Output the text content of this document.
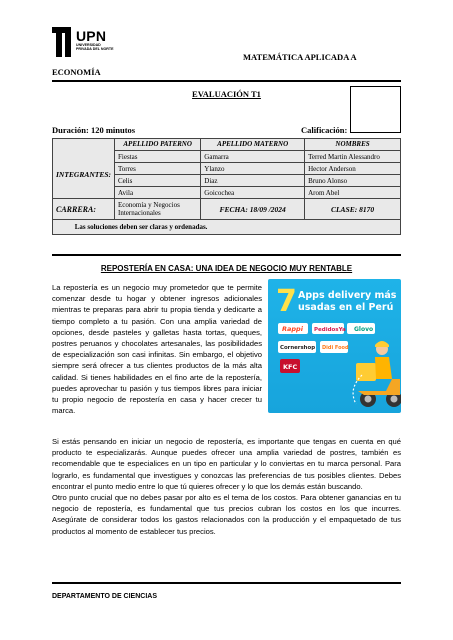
UPN
UNIVERSIDAD PRIVADA DEL NORTE
MATEMÁTICA APLICADA A
ECONOMÍA
EVALUACIÓN T1
Duración: 120 minutos	Calificación:
	APELLIDO PATERNO	APELLIDO MATERNO	NOMBRES
INTEGRANTES:	Fiestas	Gamarra	Terred Martin Alessandro
	Torres	Ylanzo	Hector Anderson
	Celis	Diaz	Bruno Alonso
	Avila	Goicochea	Arom Abel
CARRERA:	Economía y Negocios Internacionales	FECHA: 18/09 /2024	CLASE: 8170
Las soluciones deben ser claras y ordenadas.			
REPOSTERÍA EN CASA: UNA IDEA DE NEGOCIO MUY RENTABLE
La repostería es un negocio muy prometedor que te permite comenzar desde tu hogar y obtener ingresos adicionales mientras te preparas para abrir tu propia tienda y dedicarte a tiempo completo a tu pasión. Con una amplia variedad de opciones, desde pasteles y galletas hasta tortas, queques, postres peruanos y chocolates artesanales, las posibilidades de especialización son casi infinitas. Sin embargo, el objetivo siempre será ofrecer a tus clientes productos de la más alta calidad. Si tienes habilidades en el fino arte de la repostería, puedes aprovechar tu pasión y tus tiempos libres para iniciar tu propio negocio de repostería en casa y hacer crecer tu marca.
7 Apps delivery más
usadas en el Perú
Rappi PedidosYa Glovo
Cornershop Didi Food
KFC
Si estás pensando en iniciar un negocio de repostería, es importante que tengas en cuenta en qué producto te especializarás. Aunque puedes ofrecer una amplia variedad de postres, también es recomendable que te especialices en un tipo en particular y lo conviertas en tu marca personal. Para lograrlo, es fundamental que investigues y conozcas las preferencias de tus posibles clientes. Debes encontrar el punto medio entre lo que tú quieres ofrecer y lo que los demás están buscando.
Otro punto crucial que no debes pasar por alto es el tema de los costos. Para obtener ganancias en tu negocio de repostería, es fundamental que tus precios cubran los costos en los que incurres. Asegúrate de considerar todos los gastos relacionados con la producción y el empaquetado de tus productos al momento de establecer tus precios.
DEPARTAMENTO DE CIENCIAS
